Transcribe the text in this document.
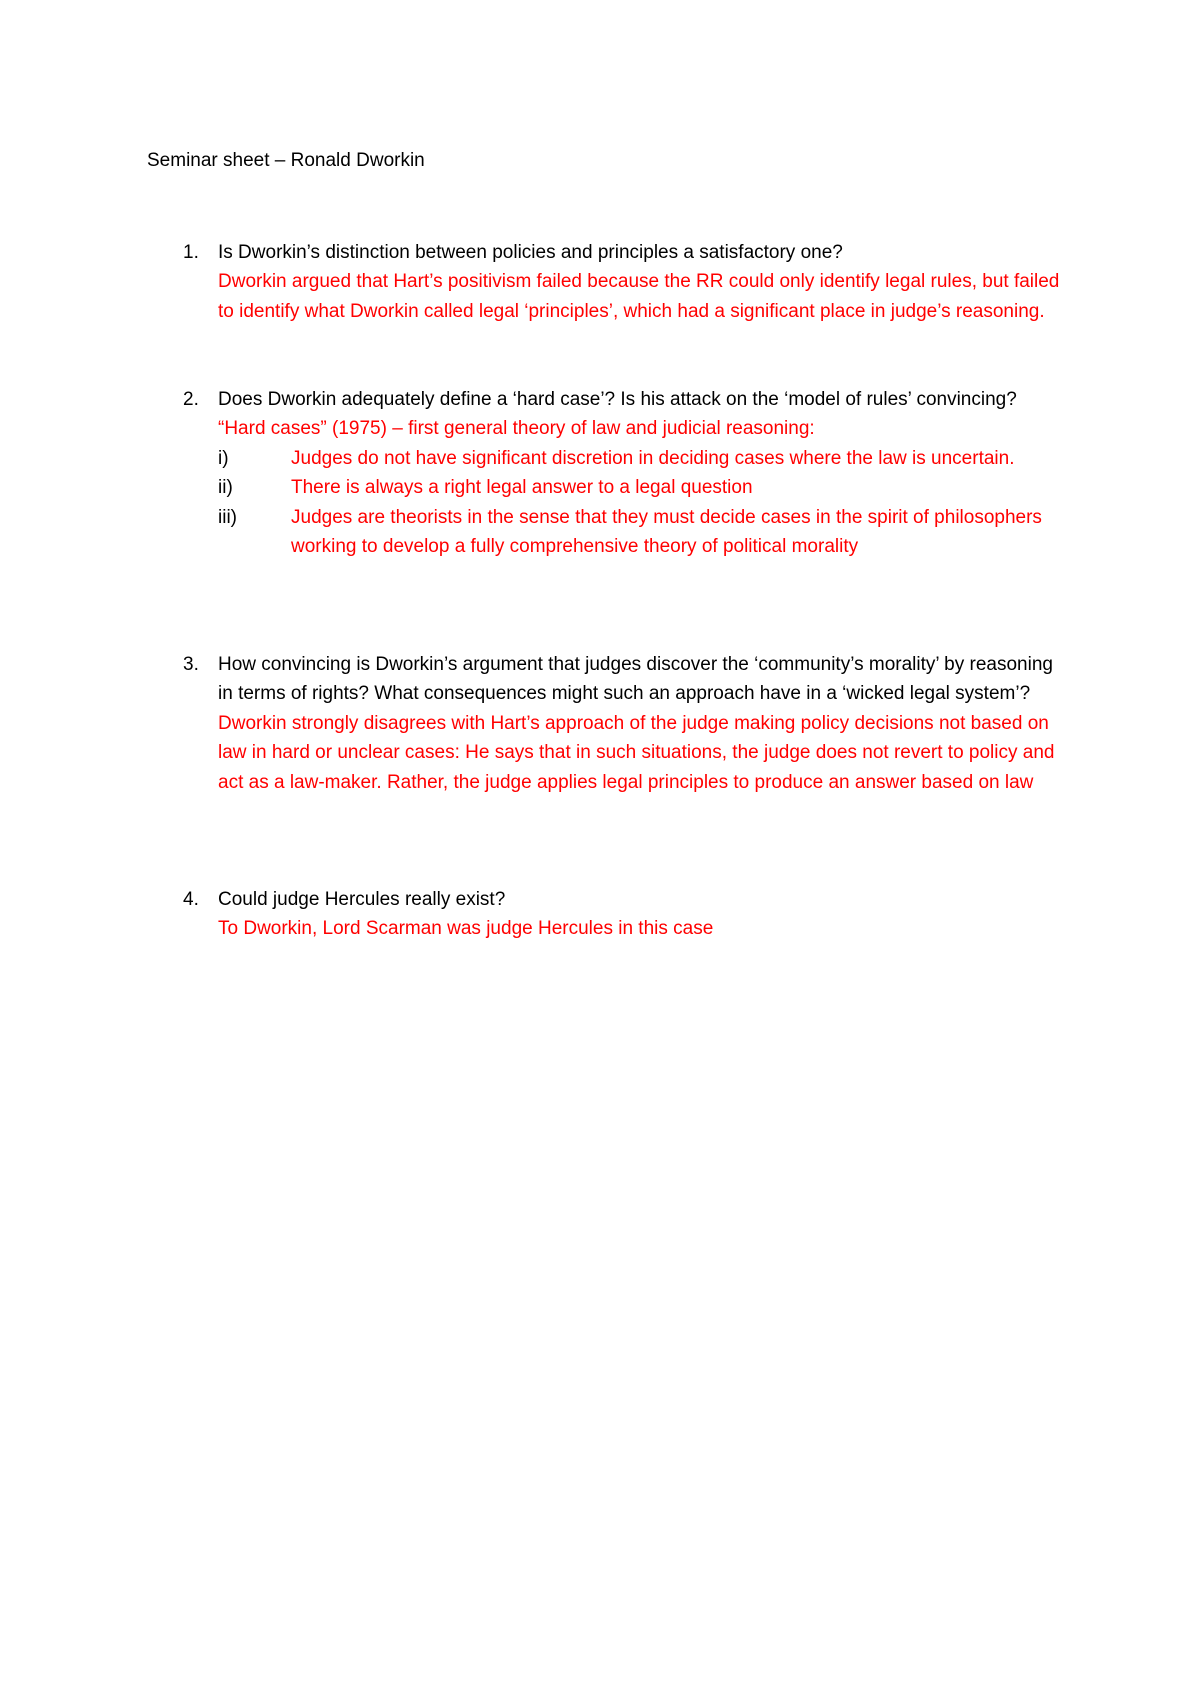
Seminar sheet – Ronald Dworkin
1.	Is Dworkin’s distinction between policies and principles a satisfactory one?
Dworkin argued that Hart’s positivism failed because the RR could only identify legal rules, but failed to identify what Dworkin called legal ‘principles’, which had a significant place in judge’s reasoning.
2.	Does Dworkin adequately define a ‘hard case’? Is his attack on the ‘model of rules’ convincing?
“Hard cases” (1975) – first general theory of law and judicial reasoning:
i)	Judges do not have significant discretion in deciding cases where the law is uncertain.
ii)	There is always a right legal answer to a legal question
iii)	Judges are theorists in the sense that they must decide cases in the spirit of philosophers working to develop a fully comprehensive theory of political morality
3.	How convincing is Dworkin’s argument that judges discover the ‘community’s morality’ by reasoning in terms of rights? What consequences might such an approach have in a ‘wicked legal system’?
Dworkin strongly disagrees with Hart’s approach of the judge making policy decisions not based on law in hard or unclear cases: He says that in such situations, the judge does not revert to policy and act as a law-maker. Rather, the judge applies legal principles to produce an answer based on law
4.	Could judge Hercules really exist?
To Dworkin, Lord Scarman was judge Hercules in this case
